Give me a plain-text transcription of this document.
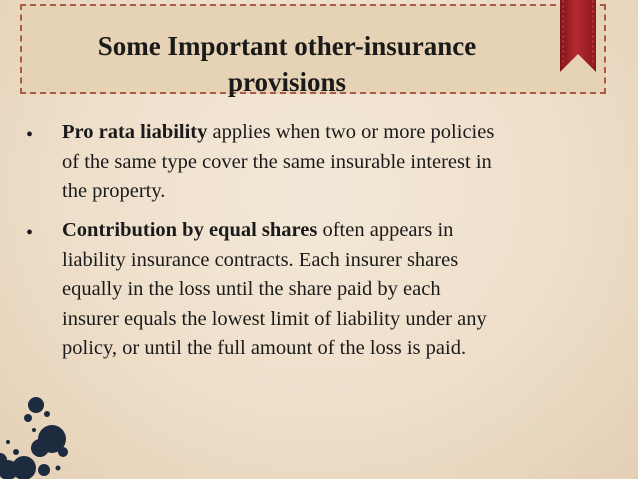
Some Important other-insurance
provisions
• Pro rata liability applies when two or more policies
of the same type cover the same insurable interest in
the property.

• Contribution by equal shares often appears in
liability insurance contracts. Each insurer shares
equally in the loss until the share paid by each
insurer equals the lowest limit of liability under any
policy, or until the full amount of the loss is paid.
